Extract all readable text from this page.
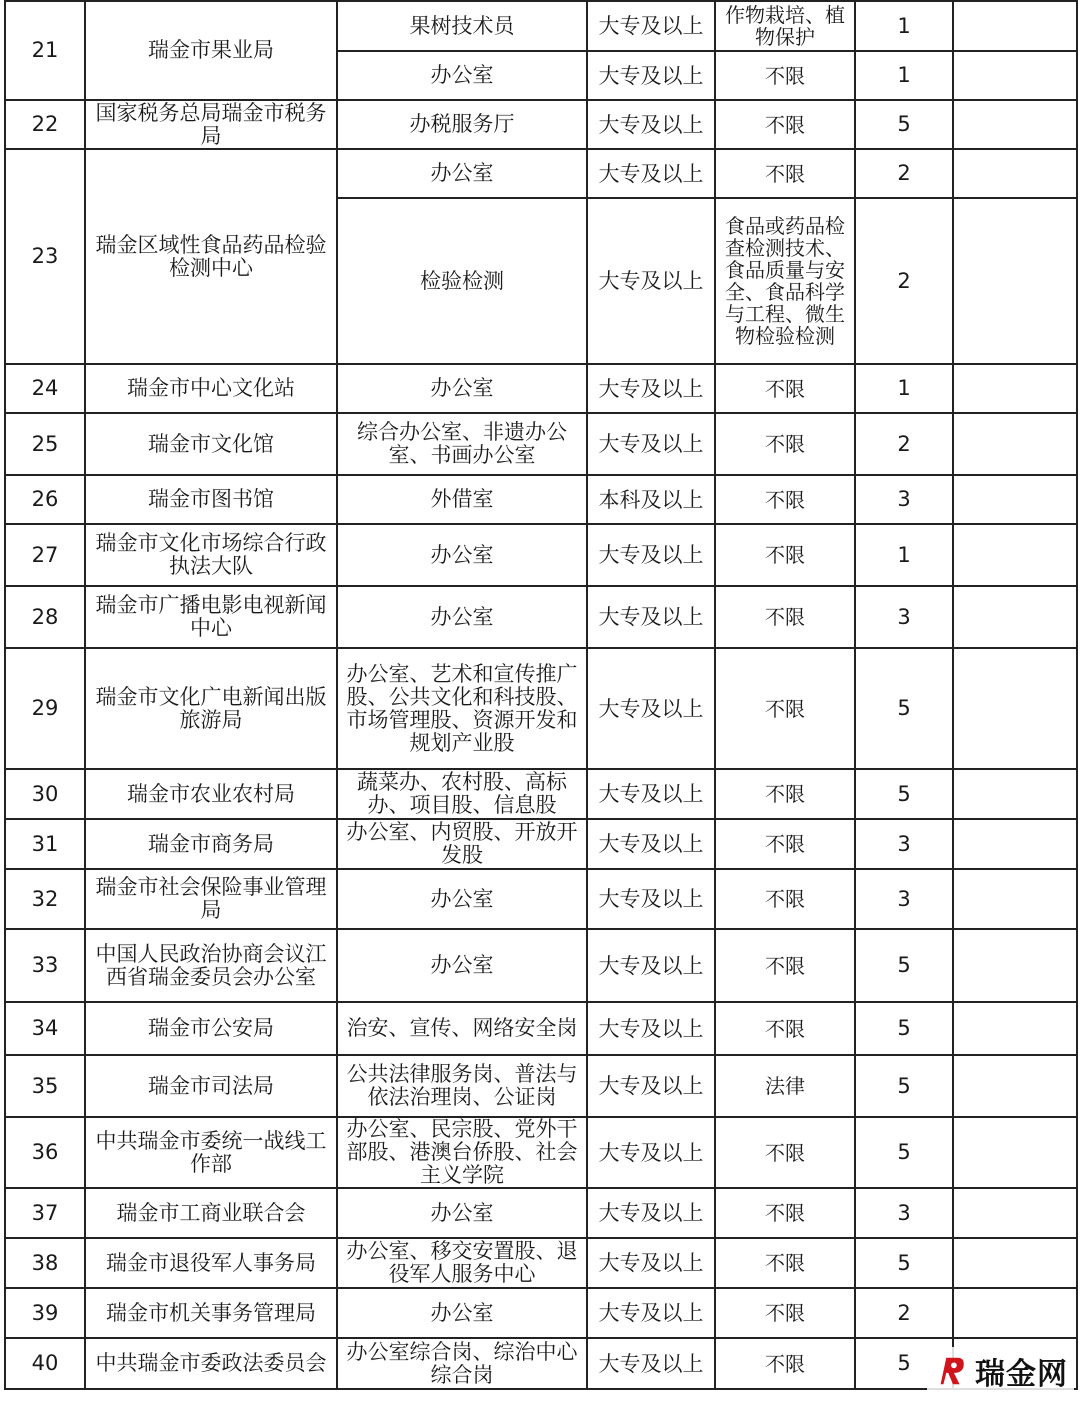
21	瑞金市果业局	果树技术员	大专及以上	作物栽培、植物保护	1	
		办公室	大专及以上	不限	1	
22	国家税务总局瑞金市税务局	办税服务厅	大专及以上	不限	5	
23	瑞金区域性食品药品检验检测中心	办公室	大专及以上	不限	2	
		检验检测	大专及以上	食品或药品检查检测技术、食品质量与安全、食品科学与工程、微生物检验检测	2	
24	瑞金市中心文化站	办公室	大专及以上	不限	1	
25	瑞金市文化馆	综合办公室、非遗办公室、书画办公室	大专及以上	不限	2	
26	瑞金市图书馆	外借室	本科及以上	不限	3	
27	瑞金市文化市场综合行政执法大队	办公室	大专及以上	不限	1	
28	瑞金市广播电影电视新闻中心	办公室	大专及以上	不限	3	
29	瑞金市文化广电新闻出版旅游局	办公室、艺术和宣传推广股、公共文化和科技股、市场管理股、资源开发和规划产业股	大专及以上	不限	5	
30	瑞金市农业农村局	蔬菜办、农村股、高标办、项目股、信息股	大专及以上	不限	5	
31	瑞金市商务局	办公室、内贸股、开放开发股	大专及以上	不限	3	
32	瑞金市社会保险事业管理局	办公室	大专及以上	不限	3	
33	中国人民政治协商会议江西省瑞金委员会办公室	办公室	大专及以上	不限	5	
34	瑞金市公安局	治安、宣传、网络安全岗	大专及以上	不限	5	
35	瑞金市司法局	公共法律服务岗、普法与依法治理岗、公证岗	大专及以上	法律	5	
36	中共瑞金市委统一战线工作部	办公室、民宗股、党外干部股、港澳台侨股、社会主义学院	大专及以上	不限	5	
37	瑞金市工商业联合会	办公室	大专及以上	不限	3	
38	瑞金市退役军人事务局	办公室、移交安置股、退役军人服务中心	大专及以上	不限	5	
39	瑞金市机关事务管理局	办公室	大专及以上	不限	2	
40	中共瑞金市委政法委员会	办公室综合岗、综治中心综合岗	大专及以上	不限	5	瑞金网
